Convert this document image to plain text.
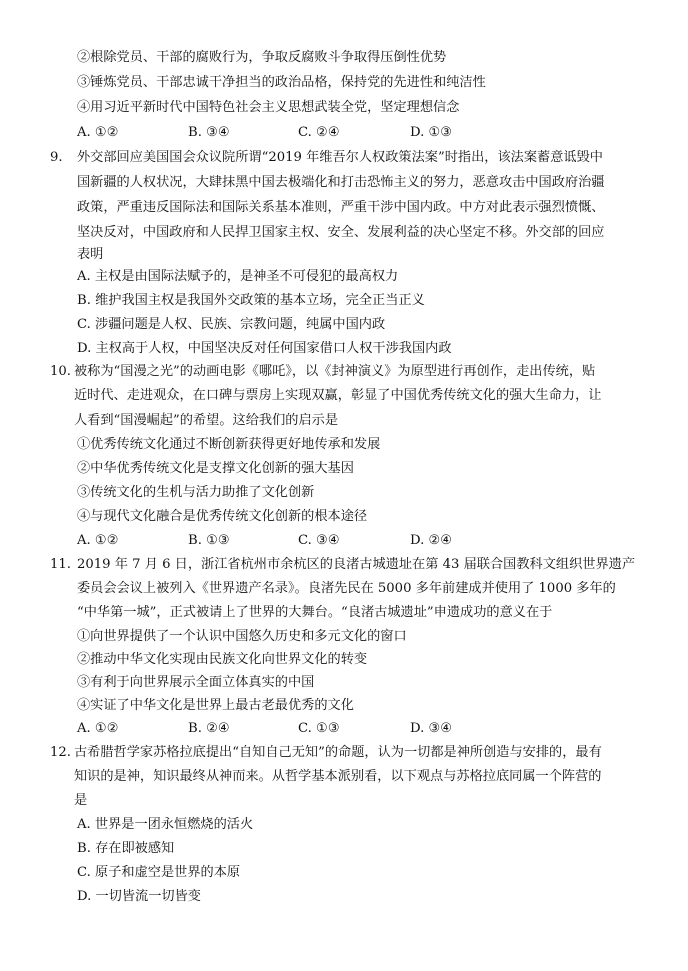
②根除党员、干部的腐败行为，争取反腐败斗争取得压倒性优势
③锤炼党员、干部忠诚干净担当的政治品格，保持党的先进性和纯洁性
④用习近平新时代中国特色社会主义思想武装全党，坚定理想信念
A. ①②	B. ③④	C. ②④	D. ①③
9. 外交部回应美国国会众议院所谓“2019 年维吾尔人权政策法案”时指出，该法案蓄意诋毁中
国新疆的人权状况，大肆抹黑中国去极端化和打击恐怖主义的努力，恶意攻击中国政府治疆
政策，严重违反国际法和国际关系基本准则，严重干涉中国内政。中方对此表示强烈愤慨、
坚决反对，中国政府和人民捍卫国家主权、安全、发展利益的决心坚定不移。外交部的回应
表明
A. 主权是由国际法赋予的，是神圣不可侵犯的最高权力
B. 维护我国主权是我国外交政策的基本立场，完全正当正义
C. 涉疆问题是人权、民族、宗教问题，纯属中国内政
D. 主权高于人权，中国坚决反对任何国家借口人权干涉我国内政
10. 被称为“国漫之光”的动画电影《哪吒》，以《封神演义》为原型进行再创作，走出传统，贴
近时代、走进观众，在口碑与票房上实现双赢，彰显了中国优秀传统文化的强大生命力，让
人看到“国漫崛起”的希望。这给我们的启示是
①优秀传统文化通过不断创新获得更好地传承和发展
②中华优秀传统文化是支撑文化创新的强大基因
③传统文化的生机与活力助推了文化创新
④与现代文化融合是优秀传统文化创新的根本途径
A. ①②	B. ①③	C. ③④	D. ②④
11. 2019 年 7 月 6 日，浙江省杭州市余杭区的良渚古城遗址在第 43 届联合国教科文组织世界遗产
委员会会议上被列入《世界遗产名录》。良渚先民在 5000 多年前建成并使用了 1000 多年的
“中华第一城”，正式被请上了世界的大舞台。“良渚古城遗址”申遗成功的意义在于
①向世界提供了一个认识中国悠久历史和多元文化的窗口
②推动中华文化实现由民族文化向世界文化的转变
③有利于向世界展示全面立体真实的中国
④实证了中华文化是世界上最古老最优秀的文化
A. ①②	B. ②④	C. ①③	D. ③④
12. 古希腊哲学家苏格拉底提出“自知自己无知”的命题，认为一切都是神所创造与安排的，最有
知识的是神，知识最终从神而来。从哲学基本派别看，以下观点与苏格拉底同属一个阵营的
是
A. 世界是一团永恒燃烧的活火
B. 存在即被感知
C. 原子和虚空是世界的本原
D. 一切皆流一切皆变
